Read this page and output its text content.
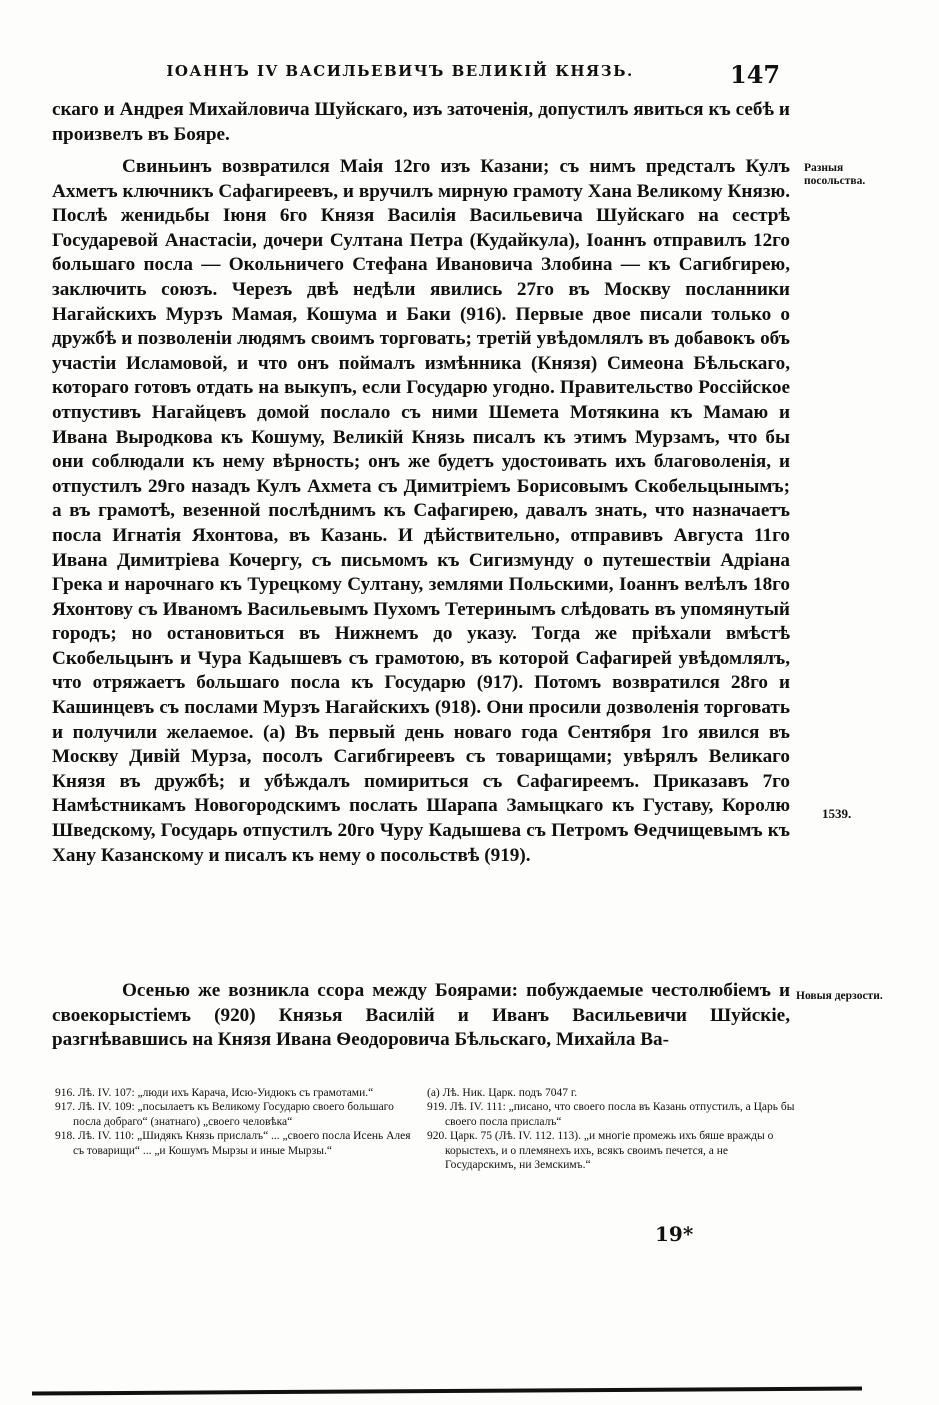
ІОАННЪ IV ВАСИЛЬЕВИЧЪ ВЕЛИКІЙ КНЯЗЬ.	147
скаго и Андрея Михайловича Шуйскаго, изъ заточенія, допустилъ явиться къ себѣ и произвелъ въ Бояре.
Свиньинъ возвратился Маія 12го изъ Казани; съ нимъ предсталъ Кулъ Ахметъ ключникъ Сафагиреевъ, и вручилъ мирную грамоту Хана Великому Князю. Послѣ женидьбы Іюня 6го Князя Василія Васильевича Шуйскаго на сестрѣ Государевой Анастасіи, дочери Султана Петра (Кудайкула), Іоаннъ отправилъ 12го большаго посла — Окольничего Стефана Ивановича Злобина — къ Сагибгирею, заключить союзъ. Черезъ двѣ недѣли явились 27го въ Москву посланники Нагайскихъ Мурзъ Мамая, Кошума и Баки (916). Первые двое писали только о дружбѣ и позволеніи людямъ своимъ торговать; третій увѣдомлялъ въ добавокъ объ участіи Исламовой, и что онъ поймалъ измѣнника (Князя) Симеона Бѣльскаго, котораго готовъ отдать на выкупъ, если Государю угодно. Правительство Россійское отпустивъ Нагайцевъ домой послало съ ними Шемета Мотякина къ Мамаю и Ивана Выродкова къ Кошуму, Великій Князь писалъ къ этимъ Мурзамъ, что бы они соблюдали къ нему вѣрность; онъ же будетъ удостоивать ихъ благоволенія, и отпустилъ 29го назадъ Кулъ Ахмета съ Димитріемъ Борисовымъ Скобельцынымъ; а въ грамотѣ, везенной послѣднимъ къ Сафагирею, давалъ знать, что назначаетъ посла Игнатія Яхонтова, въ Казань. И дѣйствительно, отправивъ Августа 11го Ивана Димитріева Кочергу, съ письмомъ къ Сигизмунду о путешествіи Адріана Грека и нарочнаго къ Турецкому Султану, землями Польскими, Іоаннъ велѣлъ 18го Яхонтову съ Иваномъ Васильевымъ Пухомъ Тетеринымъ слѣдовать въ упомянутый городъ; но остановиться въ Нижнемъ до указу. Тогда же пріѣхали вмѣстѣ Скобельцынъ и Чура Кадышевъ съ грамотою, въ которой Сафагирей увѣдомлялъ, что отряжаетъ большаго посла къ Государю (917). Потомъ возвратился 28го и Кашинцевъ съ послами Мурзъ Нагайскихъ (918). Они просили дозволенія торговать и получили желаемое. (а) Въ первый день новаго года Сентября 1го явился въ Москву Дивій Мурза, посолъ Сагибгиреевъ съ товарищами; увѣрялъ Великаго Князя въ дружбѣ; и убѣждалъ помириться съ Сафагиреемъ. Приказавъ 7го Намѣстникамъ Новогородскимъ послать Шарапа Замыцкаго къ Густаву, Королю Шведскому, Государь отпустилъ 20го Чуру Кадышева съ Петромъ Ѳедчищевымъ къ Хану Казанскому и писалъ къ нему о посольствѣ (919).
Осенью же возникла ссора между Боярами: побуждаемые честолюбіемъ и своекорыстіемъ (920) Князья Василій и Иванъ Васильевичи Шуйскіе, разгнѣвавшись на Князя Ивана Ѳеодоровича Бѣльскаго, Михайла Ва-
Разныя посольства.
1539.
Новыя дерзости.

916. Лѣ. IV. 107: „люди ихъ Карача, Исю-Уидюкъ съ грамотами.“

917. Лѣ. IV. 109: „посылаетъ къ Великому Государю своего большаго посла добраго“ (знатнаго) „своего человѣка“

918. Лѣ. IV. 110: „Шидякъ Князь прислалъ“ ... „своего посла Исень Алея съ товарищи“ ... „и Кошумъ Мырзы и иные Мырзы.“

(а) Лѣ. Ник. Царк. подъ 7047 г.

919. Лѣ. IV. 111: „писано, что своего посла въ Казань отпустилъ, а Царь бы своего посла прислалъ“

920. Царк. 75 (Лѣ. IV. 112. 113). „и многіе промежь ихъ бяше вражды о корыстехъ, и о племянехъ ихъ, всякъ своимъ печется, а не Государскимъ, ни Земскимъ.“

19*
